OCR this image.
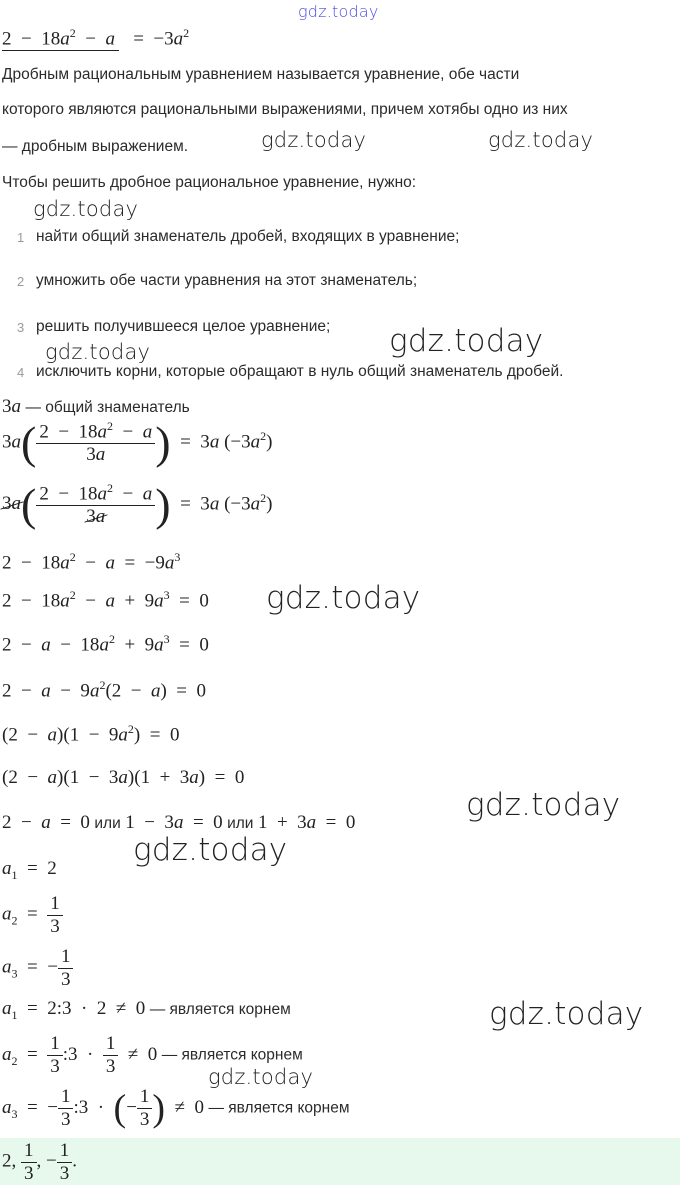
gdz.today
$2 - 18a^2 - a = -3a^2$
Дробным рациональным уравнением называется уравнение, обе части
которого являются рациональными выражениями, причем хотябы одно из них
— дробным выражением.	gdz.today	gdz.today
Чтобы решить дробное рациональное уравнение, нужно:
gdz.today
1 найти общий знаменатель дробей, входящих в уравнение;
2 умножить обе части уравнения на этот знаменатель;
3 решить получившееся целое уравнение;
gdz.today	gdz.today
4 исключить корни, которые обращают в нуль общий знаменатель дробей.
3a — общий знаменатель
$3a( \frac{2 - 18a^2 - a}{3a}$ )  =  3a $(-3a^2)$
$3a( \frac{2 - 18a^2 - a}{3a}$ )  =  3a $(-3a^2)$
$2 - 18a^2 - a = -9a^3$
$2 - 18a^2 - a + 9a^3 = 0$ gdz.today
$2 - a - 18a^2 + 9a^3 = 0$
$2 - a - 9a^2(2 - a) = 0$
$(2 - a)(1 - 9a^2) = 0$
(2  −  a)(1  −  3a)(1  +  3a)  =  0
2  −  a  =  0 или 1  −  3a  =  0 или 1  +  3a  =  0	gdz.today
gdz.today
$a_1 = 2$
$a_2 = \frac{1}{3}$
$a_3$  =  − $\frac{1}{3}$
$a_1$  =  2:3  ·  2  ≠  0 — является корнем	gdz.today
$a_2 = \frac{1}{3}$ :3  · $\frac{1}{3} \ne 0$ — является корнем
gdz.today
$a_3$  =  − $\frac{1}{3}$ :3  ·  (− $\frac{1}{3}$ )  ≠  0 — является корнем
2, $\frac{1}{3}$ , − $\frac{1}{3}$ .
